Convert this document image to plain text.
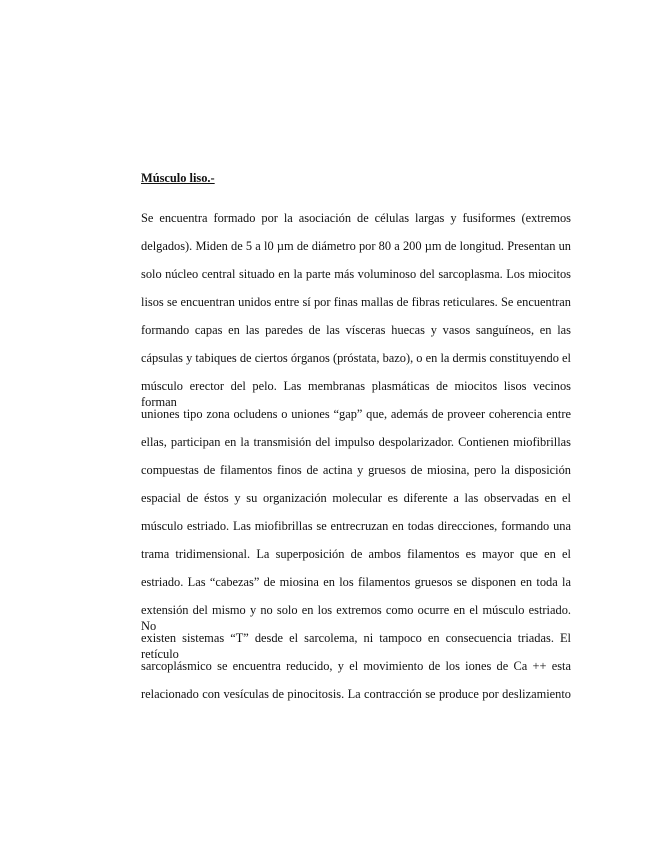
Músculo liso.-
Se encuentra formado por la asociación de células largas y fusiformes (extremos
delgados). Miden de 5 a l0 µm de diámetro por 80 a 200 µm de longitud. Presentan un
solo núcleo central situado en la parte más voluminoso del sarcoplasma. Los miocitos
lisos se encuentran unidos entre sí por finas mallas de fibras reticulares. Se encuentran
formando capas en las paredes de las vísceras huecas y vasos sanguíneos, en las
cápsulas y tabiques de ciertos órganos (próstata, bazo), o en la dermis constituyendo el
músculo erector del pelo. Las membranas plasmáticas de miocitos lisos vecinos forman
uniones tipo zona ocludens o uniones “gap” que, además de proveer coherencia entre
ellas, participan en la transmisión del impulso despolarizador. Contienen miofibrillas
compuestas de filamentos finos de actina y gruesos de miosina, pero la disposición
espacial de éstos y su organización molecular es diferente a las observadas en el
músculo estriado. Las miofibrillas se entrecruzan en todas direcciones, formando una
trama tridimensional. La superposición de ambos filamentos es mayor que en el
estriado. Las “cabezas” de miosina en los filamentos gruesos se disponen en toda la
extensión del mismo y no solo en los extremos como ocurre en el músculo estriado. No
existen sistemas “T” desde el sarcolema, ni tampoco en consecuencia triadas. El retículo
sarcoplásmico se encuentra reducido, y el movimiento de los iones de Ca ++ esta
relacionado con vesículas de pinocitosis. La contracción se produce por deslizamiento
